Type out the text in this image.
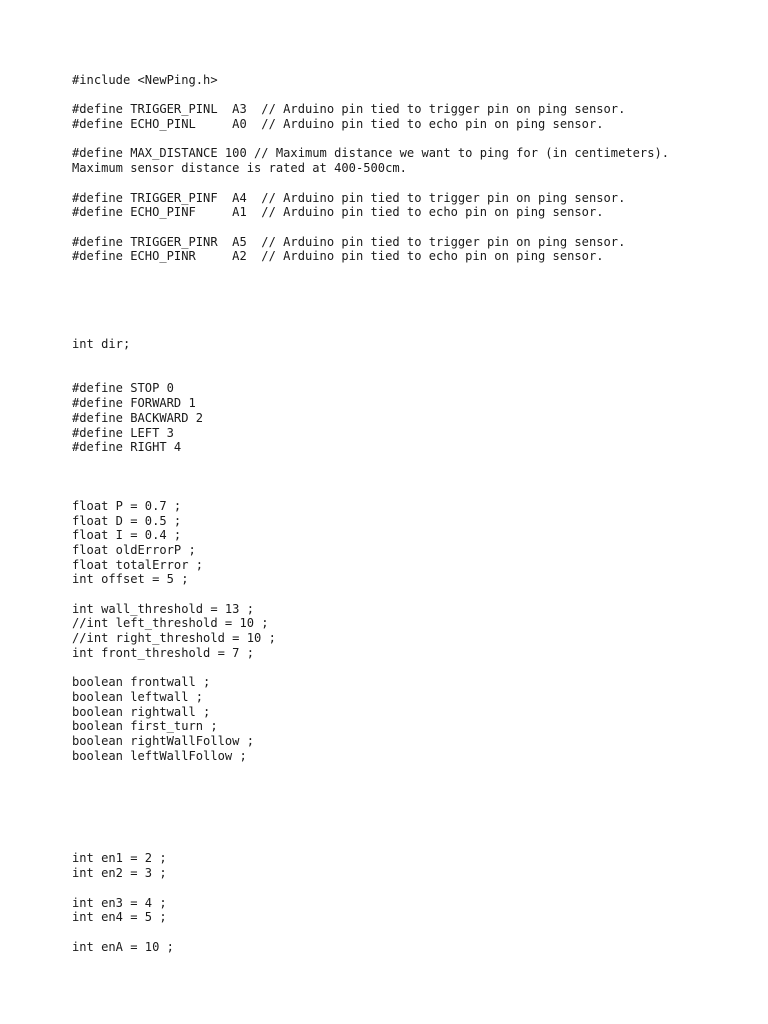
#include <NewPing.h>
#define TRIGGER_PINL  A3  // Arduino pin tied to trigger pin on ping sensor.
#define ECHO_PINL     A0  // Arduino pin tied to echo pin on ping sensor.
#define MAX_DISTANCE 100 // Maximum distance we want to ping for (in centimeters).
Maximum sensor distance is rated at 400-500cm.
#define TRIGGER_PINF  A4  // Arduino pin tied to trigger pin on ping sensor.
#define ECHO_PINF     A1  // Arduino pin tied to echo pin on ping sensor.
#define TRIGGER_PINR  A5  // Arduino pin tied to trigger pin on ping sensor.
#define ECHO_PINR     A2  // Arduino pin tied to echo pin on ping sensor.
int dir;
#define STOP 0
#define FORWARD 1
#define BACKWARD 2
#define LEFT 3
#define RIGHT 4
float P = 0.7 ;
float D = 0.5 ;
float I = 0.4 ;
float oldErrorP ;
float totalError ;
int offset = 5 ;
int wall_threshold = 13 ;
//int left_threshold = 10 ;
//int right_threshold = 10 ;
int front_threshold = 7 ;
boolean frontwall ;
boolean leftwall ;
boolean rightwall ;
boolean first_turn ;
boolean rightWallFollow ;
boolean leftWallFollow ;
int en1 = 2 ;
int en2 = 3 ;
int en3 = 4 ;
int en4 = 5 ;
int enA = 10 ;
